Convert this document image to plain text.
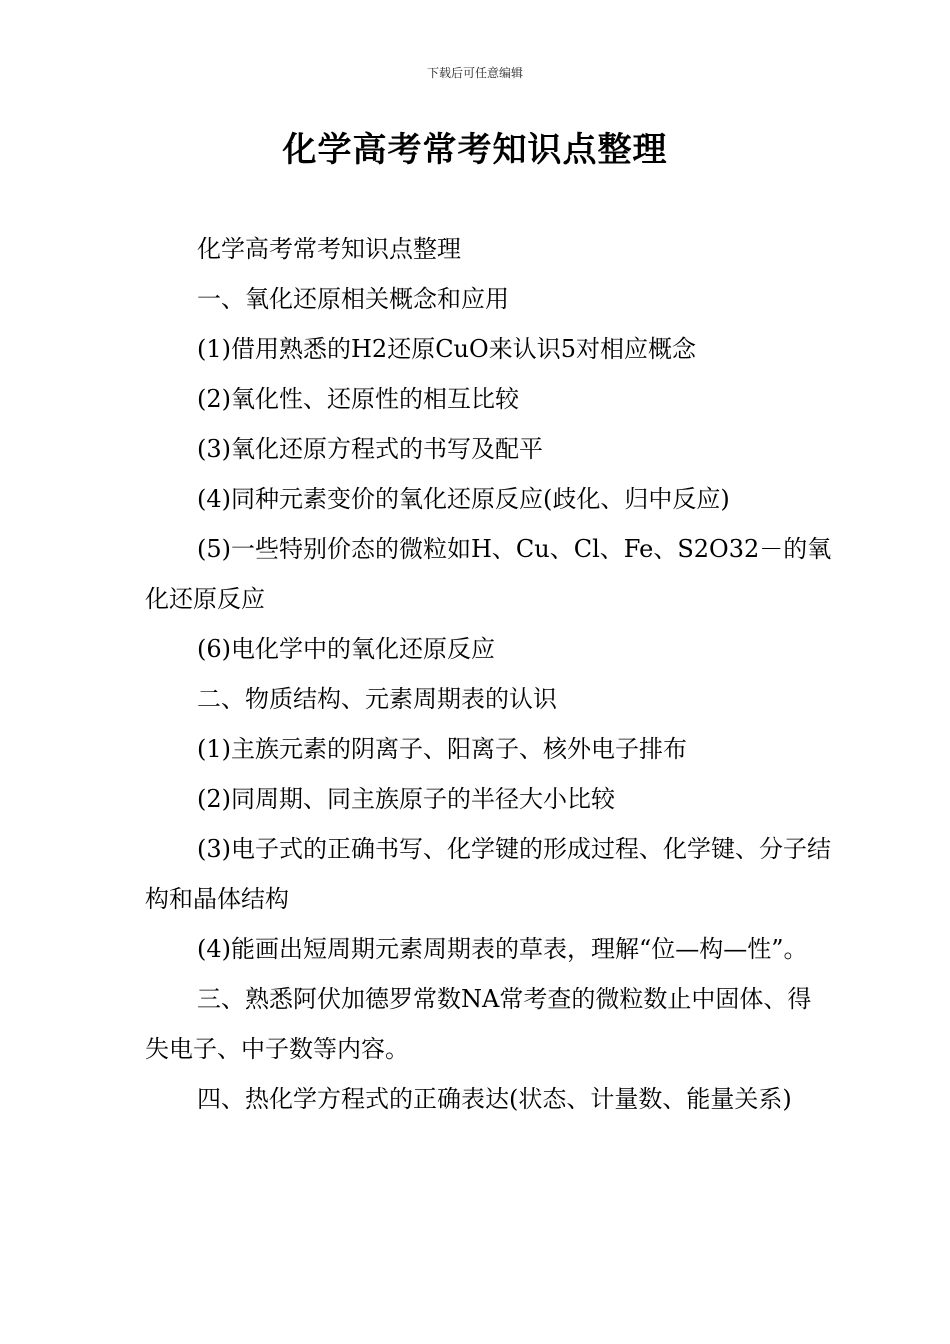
下载后可任意编辑
化学高考常考知识点整理

化学高考常考知识点整理

一、氧化还原相关概念和应用

(1)借用熟悉的H2还原CuO来认识5对相应概念

(2)氧化性、还原性的相互比较

(3)氧化还原方程式的书写及配平

(4)同种元素变价的氧化还原反应(歧化、归中反应)

(5)一些特别价态的微粒如H、Cu、Cl、Fe、S2O32－的氧化还原反应

(6)电化学中的氧化还原反应

二、物质结构、元素周期表的认识

(1)主族元素的阴离子、阳离子、核外电子排布

(2)同周期、同主族原子的半径大小比较

(3)电子式的正确书写、化学键的形成过程、化学键、分子结构和晶体结构

(4)能画出短周期元素周期表的草表，理解“位—构—性”。

三、熟悉阿伏加德罗常数NA常考查的微粒数止中固体、得失电子、中子数等内容。

四、热化学方程式的正确表达(状态、计量数、能量关系)
